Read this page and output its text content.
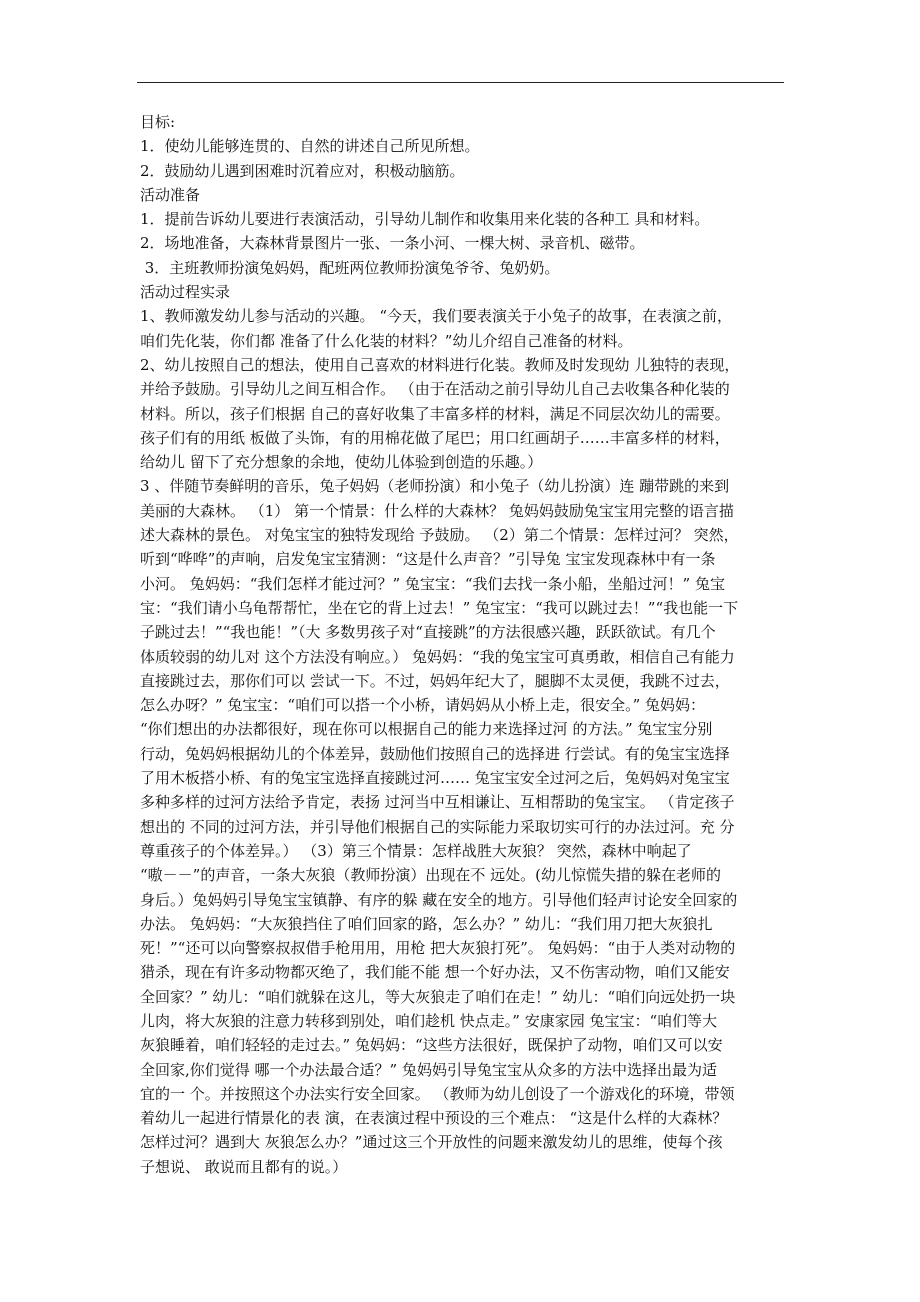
目标:
1．使幼儿能够连贯的、自然的讲述自己所见所想。
2．鼓励幼儿遇到困难时沉着应对，积极动脑筋。
活动准备
1．提前告诉幼儿要进行表演活动，引导幼儿制作和收集用来化装的各种工 具和材料。
2．场地准备，大森林背景图片一张、一条小河、一棵大树、录音机、磁带。
3．主班教师扮演兔妈妈，配班两位教师扮演兔爷爷、兔奶奶。
活动过程实录
1、教师激发幼儿参与活动的兴趣。 “今天，我们要表演关于小兔子的故事，在表演之前，
咱们先化装，你们都 准备了什么化装的材料？”幼儿介绍自己准备的材料。
2、幼儿按照自己的想法，使用自己喜欢的材料进行化装。教师及时发现幼 儿独特的表现，
并给予鼓励。引导幼儿之间互相合作。 （由于在活动之前引导幼儿自己去收集各种化装的
材料。所以，孩子们根据 自己的喜好收集了丰富多样的材料，满足不同层次幼儿的需要。
孩子们有的用纸 板做了头饰，有的用棉花做了尾巴；用口红画胡子……丰富多样的材料，
给幼儿 留下了充分想象的余地，使幼儿体验到创造的乐趣。）
3 、伴随节奏鲜明的音乐，兔子妈妈（老师扮演）和小兔子（幼儿扮演）连 蹦带跳的来到
美丽的大森林。 （1） 第一个情景：什么样的大森林？ 兔妈妈鼓励兔宝宝用完整的语言描
述大森林的景色。 对兔宝宝的独特发现给 予鼓励。 （2）第二个情景：怎样过河？ 突然，
听到“哗哗”的声响，启发兔宝宝猜测：“这是什么声音？”引导兔 宝宝发现森林中有一条
小河。 兔妈妈：“我们怎样才能过河？” 兔宝宝：“我们去找一条小船，坐船过河！” 兔宝
宝：“我们请小乌龟帮帮忙，坐在它的背上过去！” 兔宝宝：“我可以跳过去！”“我也能一下
子跳过去！”“我也能！”（大 多数男孩子对“直接跳”的方法很感兴趣，跃跃欲试。有几个
体质较弱的幼儿对 这个方法没有响应。） 兔妈妈：“我的兔宝宝可真勇敢，相信自己有能力
直接跳过去，那你们可以 尝试一下。不过，妈妈年纪大了，腿脚不太灵便，我跳不过去，
怎么办呀？” 兔宝宝：“咱们可以搭一个小桥，请妈妈从小桥上走，很安全。” 兔妈妈：
“你们想出的办法都很好，现在你可以根据自己的能力来选择过河 的方法。” 兔宝宝分别
行动，兔妈妈根据幼儿的个体差异，鼓励他们按照自己的选择进 行尝试。有的兔宝宝选择
了用木板搭小桥、有的兔宝宝选择直接跳过河…… 兔宝宝安全过河之后，兔妈妈对兔宝宝
多种多样的过河方法给予肯定，表扬 过河当中互相谦让、互相帮助的兔宝宝。 （肯定孩子
想出的 不同的过河方法，并引导他们根据自己的实际能力采取切实可行的办法过河。充 分
尊重孩子的个体差异。） （3）第三个情景：怎样战胜大灰狼？ 突然，森林中响起了
“嗷－－”的声音，一条大灰狼（教师扮演）出现在不 远处。(幼儿惊慌失措的躲在老师的
身后。）兔妈妈引导兔宝宝镇静、有序的躲 藏在安全的地方。引导他们轻声讨论安全回家的
办法。 兔妈妈：“大灰狼挡住了咱们回家的路，怎么办？” 幼儿：“我们用刀把大灰狼扎
死！”“还可以向警察叔叔借手枪用用，用枪 把大灰狼打死”。 兔妈妈：“由于人类对动物的
猎杀，现在有许多动物都灭绝了，我们能不能 想一个好办法，又不伤害动物，咱们又能安
全回家？” 幼儿：“咱们就躲在这儿，等大灰狼走了咱们在走！” 幼儿：“咱们向远处扔一块
儿肉，将大灰狼的注意力转移到别处，咱们趁机 快点走。” 安康家园 兔宝宝：“咱们等大
灰狼睡着，咱们轻轻的走过去。” 兔妈妈：“这些方法很好，既保护了动物，咱们又可以安
全回家,你们觉得 哪一个办法最合适？” 兔妈妈引导兔宝宝从众多的方法中选择出最为适
宜的一 个。并按照这个办法实行安全回家。 （教师为幼儿创设了一个游戏化的环境，带领
着幼儿一起进行情景化的表 演，在表演过程中预设的三个难点： “这是什么样的大森林？
怎样过河？遇到大 灰狼怎么办？”通过这三个开放性的问题来激发幼儿的思维，使每个孩
子想说、 敢说而且都有的说。）
